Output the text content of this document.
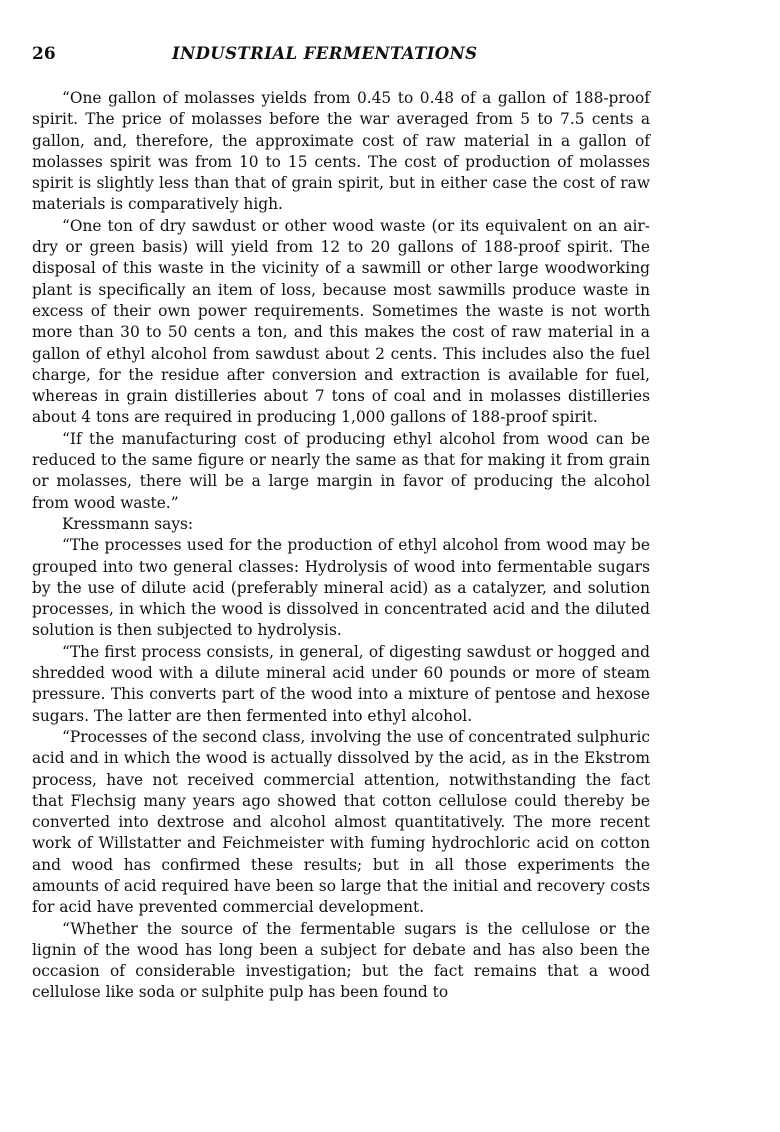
26	INDUSTRIAL FERMENTATIONS

“One gallon of molasses yields from 0.45 to 0.48 of a gallon of 188-proof spirit. The price of molasses before the war averaged from 5 to 7.5 cents a gallon, and, therefore, the approximate cost of raw material in a gallon of molasses spirit was from 10 to 15 cents. The cost of production of molasses spirit is slightly less than that of grain spirit, but in either case the cost of raw materials is comparatively high.

“One ton of dry sawdust or other wood waste (or its equivalent on an air-dry or green basis) will yield from 12 to 20 gallons of 188-proof spirit. The disposal of this waste in the vicinity of a sawmill or other large woodworking plant is specifically an item of loss, because most sawmills produce waste in excess of their own power requirements. Sometimes the waste is not worth more than 30 to 50 cents a ton, and this makes the cost of raw material in a gallon of ethyl alcohol from sawdust about 2 cents. This includes also the fuel charge, for the residue after conversion and extraction is available for fuel, whereas in grain distilleries about 7 tons of coal and in molasses distilleries about 4 tons are required in producing 1,000 gallons of 188-proof spirit.

“If the manufacturing cost of producing ethyl alcohol from wood can be reduced to the same figure or nearly the same as that for making it from grain or molasses, there will be a large margin in favor of producing the alcohol from wood waste.”

Kressmann says:

“The processes used for the production of ethyl alcohol from wood may be grouped into two general classes: Hydrolysis of wood into fermentable sugars by the use of dilute acid (preferably mineral acid) as a catalyzer, and solution processes, in which the wood is dissolved in concentrated acid and the diluted solution is then subjected to hydrolysis.

“The first process consists, in general, of digesting sawdust or hogged and shredded wood with a dilute mineral acid under 60 pounds or more of steam pressure. This converts part of the wood into a mixture of pentose and hexose sugars. The latter are then fermented into ethyl alcohol.

“Processes of the second class, involving the use of concentrated sulphuric acid and in which the wood is actually dissolved by the acid, as in the Ekstrom process, have not received commercial attention, notwithstanding the fact that Flechsig many years ago showed that cotton cellulose could thereby be converted into dextrose and alcohol almost quantitatively. The more recent work of Willstatter and Feichmeister with fuming hydrochloric acid on cotton and wood has confirmed these results; but in all those experiments the amounts of acid required have been so large that the initial and recovery costs for acid have prevented commercial development.

“Whether the source of the fermentable sugars is the cellulose or the lignin of the wood has long been a subject for debate and has also been the occasion of considerable investigation; but the fact remains that a wood cellulose like soda or sulphite pulp has been found to
